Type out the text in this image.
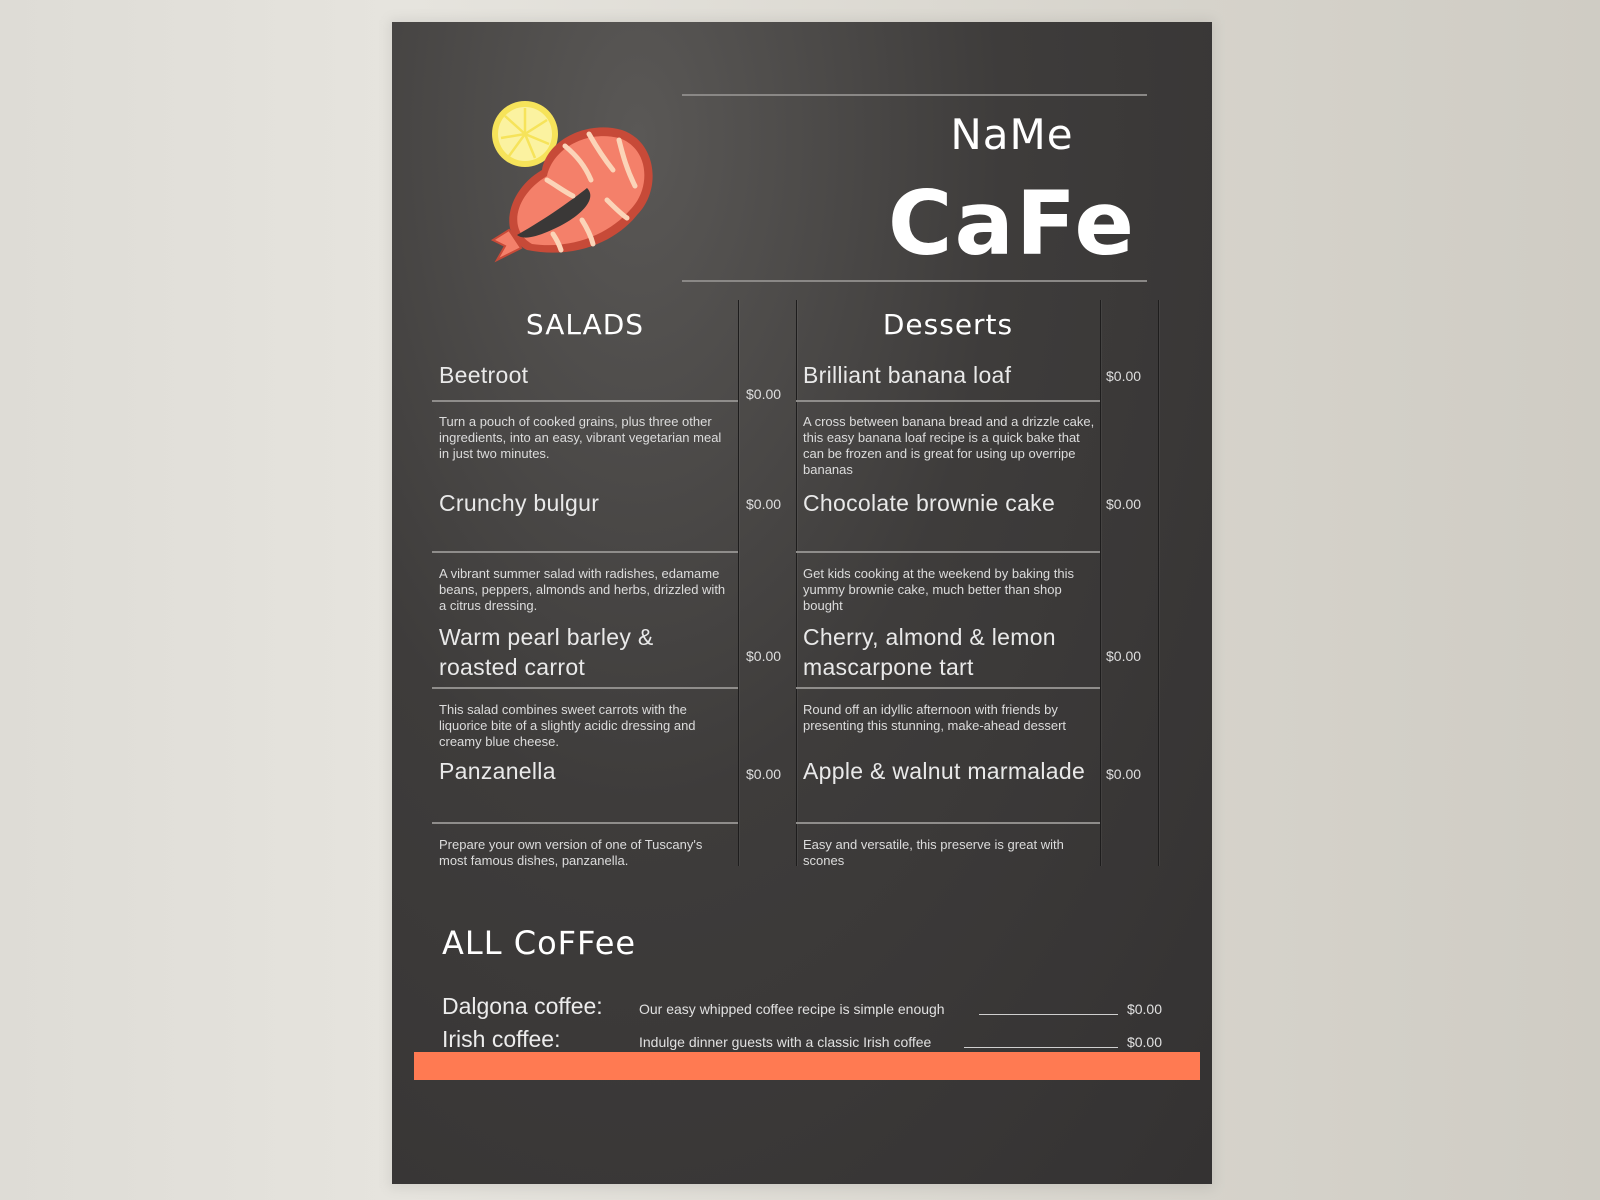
NaMe
CaFe
SALADS	Desserts
Beetroot
$0.00
Turn a pouch of cooked grains, plus three other ingredients, into an easy, vibrant vegetarian meal in just two minutes.
Crunchy bulgur	$0.00
A vibrant summer salad with radishes, edamame beans, peppers, almonds and herbs, drizzled with a citrus dressing.
Warm pearl barley & roasted carrot	$0.00
This salad combines sweet carrots with the liquorice bite of a slightly acidic dressing and creamy blue cheese.
Panzanella	$0.00
Prepare your own version of one of Tuscany's most famous dishes, panzanella.
Brilliant banana loaf	$0.00
A cross between banana bread and a drizzle cake, this easy banana loaf recipe is a quick bake that can be frozen and is great for using up overripe bananas
Chocolate brownie cake	$0.00
Get kids cooking at the weekend by baking this yummy brownie cake, much better than shop bought
Cherry, almond & lemon mascarpone tart	$0.00
Round off an idyllic afternoon with friends by presenting this stunning, make-ahead dessert
Apple & walnut marmalade	$0.00
Easy and versatile, this preserve is great with scones
ALL CoFFee
Dalgona coffee:	Our easy whipped coffee recipe is simple enough	$0.00
Irish coffee:	Indulge dinner guests with a classic Irish coffee	$0.00
